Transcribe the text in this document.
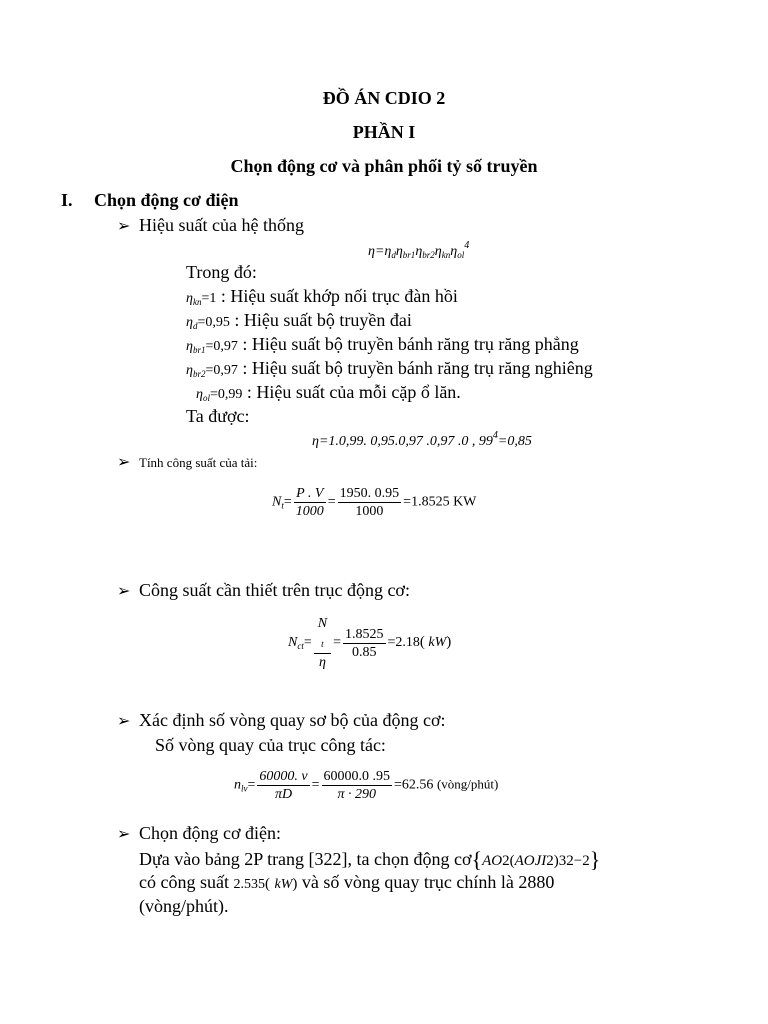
ĐỒ ÁN CDIO 2
PHẦN I
Chọn động cơ và phân phối tỷ số truyền
I. Chọn động cơ điện
➢ Hiệu suất của hệ thống
$\eta=\eta_d\eta_{br1}\eta_{br2}\eta_{kn}\eta_{ol}^4$
Trong đó:
$\eta_{kn}=1$ : Hiệu suất khớp nối trục đàn hồi
$\eta_d=0,95$ : Hiệu suất bộ truyền đai
$\eta_{br1}=0,97$ : Hiệu suất bộ truyền bánh răng trụ răng phẳng
$\eta_{br2}=0,97$ : Hiệu suất bộ truyền bánh răng trụ răng nghiêng
$\eta_{ol}=0,99$ : Hiệu suất của mỗi cặp ổ lăn.
Ta được:
η=1.0,99. 0,95.0,97 .0,97 .0 , $99^4=0,85$
➢ Tính công suất của tải:
$N_t= \frac{P . V}{1000} = \frac{1950. 0.95}{1000} =1.8525$ KW
➢ Công suất cần thiết trên trục động cơ:
$N_{ct}= N$
$_t$
$\eta = \frac{1.8525}{0.85} =2.18$( kW)
➢ Xác định số vòng quay sơ bộ của động cơ:
Số vòng quay của trục công tác:
$n_{lv}= \frac{60000. v}{\pi D} = \frac{60000.0 .95}{\pi \cdot 290} =62.56$ (vòng/phút)
➢ Chọn động cơ điện:
Dựa vào bảng 2P trang [322], ta chọn động cơ{AO2(AOJI2)32−2}
có công suất 2.535( kW) và số vòng quay trục chính là 2880
(vòng/phút).
